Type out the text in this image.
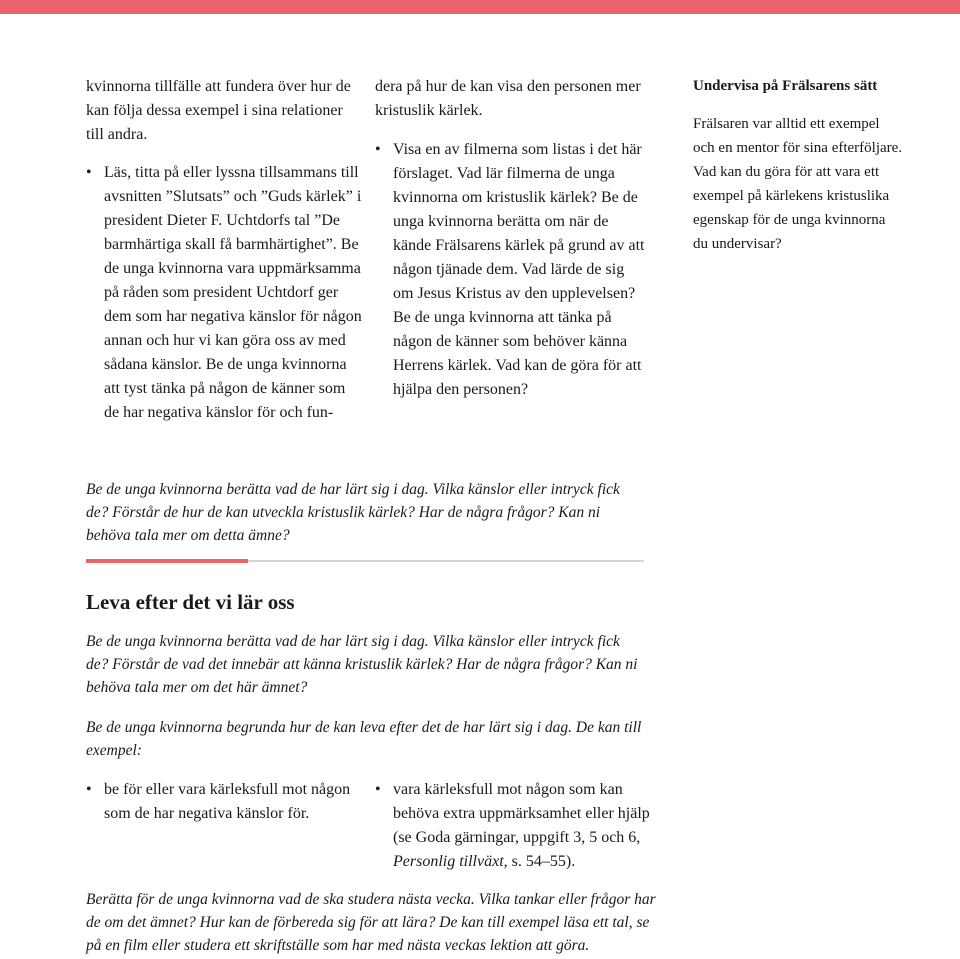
kvinnorna tillfälle att fundera över hur de kan följa dessa exempel i sina relationer till andra.

• Läs, titta på eller lyssna tillsammans till avsnitten ”Slutsats” och ”Guds kärlek” i president Dieter F. Uchtdorfs tal ”De barmhärtiga skall få barmhärtighet”. Be de unga kvinnorna vara uppmärksamma på råden som president Uchtdorf ger dem som har negativa känslor för någon annan och hur vi kan göra oss av med sådana känslor. Be de unga kvinnorna att tyst tänka på någon de känner som de har negativa känslor för och fun-

dera på hur de kan visa den personen mer kristuslik kärlek.

• Visa en av filmerna som listas i det här förslaget. Vad lär filmerna de unga kvinnorna om kristuslik kärlek? Be de unga kvinnorna berätta om när de kände Frälsarens kärlek på grund av att någon tjänade dem. Vad lärde de sig om Jesus Kristus av den upplevelsen? Be de unga kvinnorna att tänka på någon de känner som behöver känna Herrens kärlek. Vad kan de göra för att hjälpa den personen?
Undervisa på Frälsarens sätt

Frälsaren var alltid ett exempel och en mentor för sina efterföljare. Vad kan du göra för att vara ett exempel på kärlekens kristuslika egenskap för de unga kvinnorna du undervisar?

Be de unga kvinnorna berätta vad de har lärt sig i dag. Vilka känslor eller intryck fick de? Förstår de hur de kan utveckla kristuslik kärlek? Har de några frågor? Kan ni behöva tala mer om detta ämne?

Leva efter det vi lär oss

Be de unga kvinnorna berätta vad de har lärt sig i dag. Vilka känslor eller intryck fick de? Förstår de vad det innebär att känna kristuslik kärlek? Har de några frågor? Kan ni behöva tala mer om det här ämnet?

Be de unga kvinnorna begrunda hur de kan leva efter det de har lärt sig i dag. De kan till exempel:

• be för eller vara kärleksfull mot någon som de har negativa känslor för.
• vara kärleksfull mot någon som kan behöva extra uppmärksamhet eller hjälp (se Goda gärningar, uppgift 3, 5 och 6, Personlig tillväxt, s. 54–55).

Berätta för de unga kvinnorna vad de ska studera nästa vecka. Vilka tankar eller frågor har de om det ämnet? Hur kan de förbereda sig för att lära? De kan till exempel läsa ett tal, se på en film eller studera ett skriftställe som har med nästa veckas lektion att göra.
